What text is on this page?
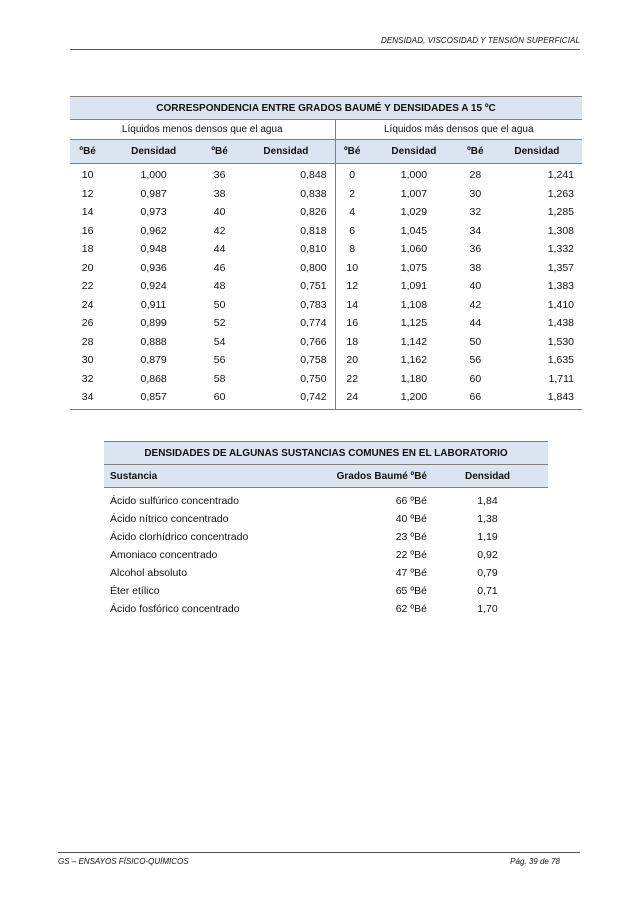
DENSIDAD, VISCOSIDAD Y TENSIÓN SUPERFICIAL
CORRESPONDENCIA ENTRE GRADOS BAUMÉ Y DENSIDADES A 15 ºC							
Líquidos menos densos que el agua				Líquidos más densos que el agua			
ºBé	Densidad	ºBé	Densidad	ºBé	Densidad	ºBé	Densidad
10	1,000	36	0,848	0	1,000	28	1,241
12	0,987	38	0,838	2	1,007	30	1,263
14	0,973	40	0,826	4	1,029	32	1,285
16	0,962	42	0,818	6	1,045	34	1,308
18	0,948	44	0,810	8	1,060	36	1,332
20	0,936	46	0,800	10	1,075	38	1,357
22	0,924	48	0,751	12	1,091	40	1,383
24	0,911	50	0,783	14	1,108	42	1,410
26	0,899	52	0,774	16	1,125	44	1,438
28	0,888	54	0,766	18	1,142	50	1,530
30	0,879	56	0,758	20	1,162	56	1,635
32	0,868	58	0,750	22	1,180	60	1,711
34	0,857	60	0,742	24	1,200	66	1,843
DENSIDADES DE ALGUNAS SUSTANCIAS COMUNES EN EL LABORATORIO		
Sustancia	Grados Baumé ºBé	Densidad
Ácido sulfúrico concentrado	66 ºBé	1,84
Ácido nítrico concentrado	40 ºBé	1,38
Ácido clorhídrico concentrado	23 ºBé	1,19
Amoniaco concentrado	22 ºBé	0,92
Alcohol absoluto	47 ºBé	0,79
Éter etílico	65 ºBé	0,71
Ácido fosfórico concentrado	62 ºBé	1,70
GS – ENSAYOS FÍSICO-QUÍMICOS	Pág. 39 de 78
